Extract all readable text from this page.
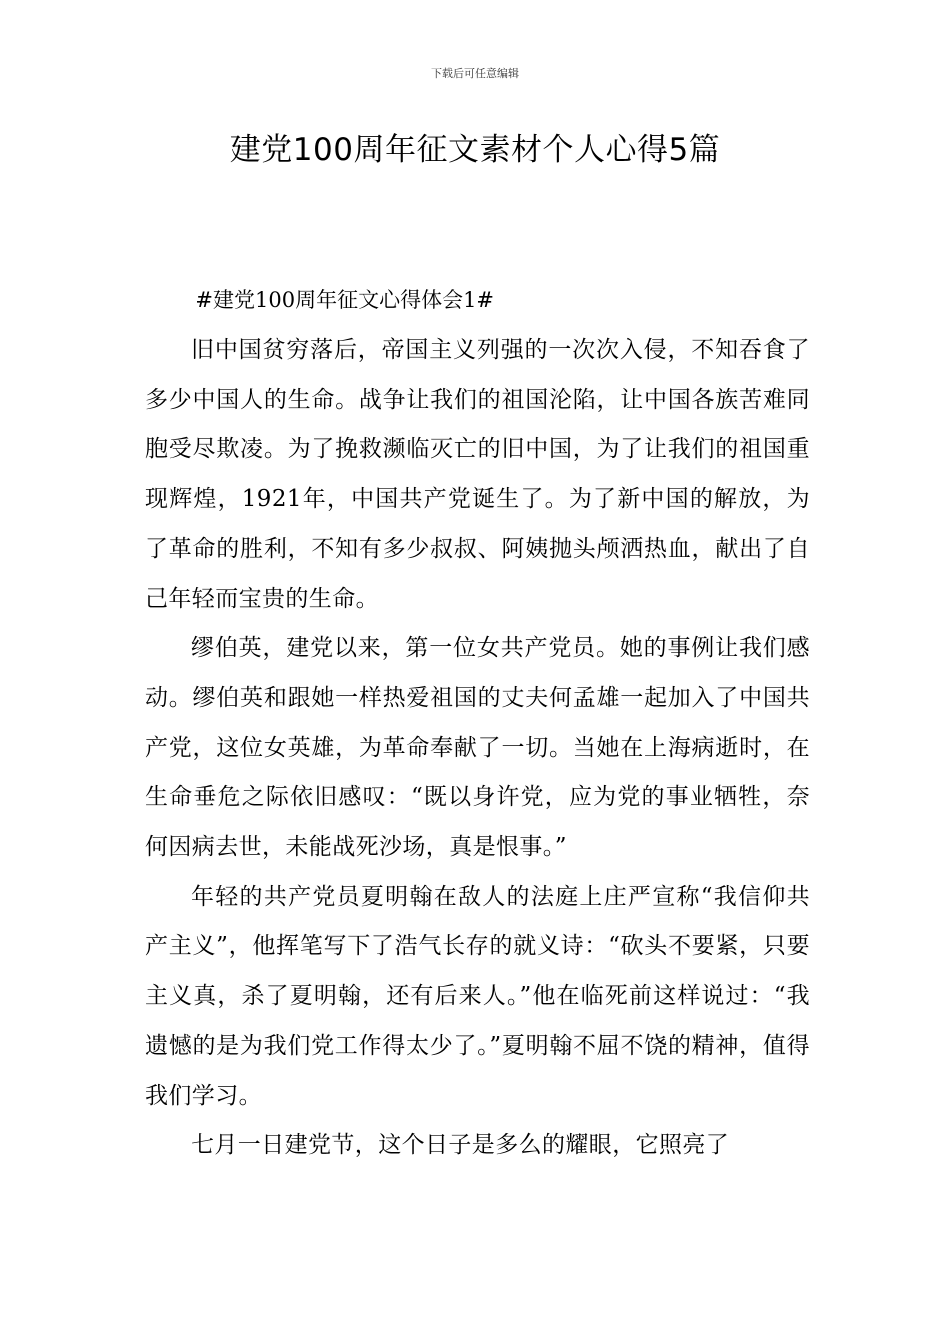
下载后可任意编辑
建党100周年征文素材个人心得5篇

#建党100周年征文心得体会1#

旧中国贫穷落后，帝国主义列强的一次次入侵，不知吞食了多少中国人的生命。战争让我们的祖国沦陷，让中国各族苦难同胞受尽欺凌。为了挽救濒临灭亡的旧中国，为了让我们的祖国重现辉煌，1921年，中国共产党诞生了。为了新中国的解放，为了革命的胜利，不知有多少叔叔、阿姨抛头颅洒热血，献出了自己年轻而宝贵的生命。

缪伯英，建党以来，第一位女共产党员。她的事例让我们感动。缪伯英和跟她一样热爱祖国的丈夫何孟雄一起加入了中国共产党，这位女英雄，为革命奉献了一切。当她在上海病逝时，在生命垂危之际依旧感叹：“既以身许党，应为党的事业牺牲，奈何因病去世，未能战死沙场，真是恨事。”

年轻的共产党员夏明翰在敌人的法庭上庄严宣称“我信仰共产主义”，他挥笔写下了浩气长存的就义诗：“砍头不要紧，只要主义真，杀了夏明翰，还有后来人。”他在临死前这样说过：“我遗憾的是为我们党工作得太少了。”夏明翰不屈不饶的精神，值得我们学习。

七月一日建党节，这个日子是多么的耀眼，它照亮了
